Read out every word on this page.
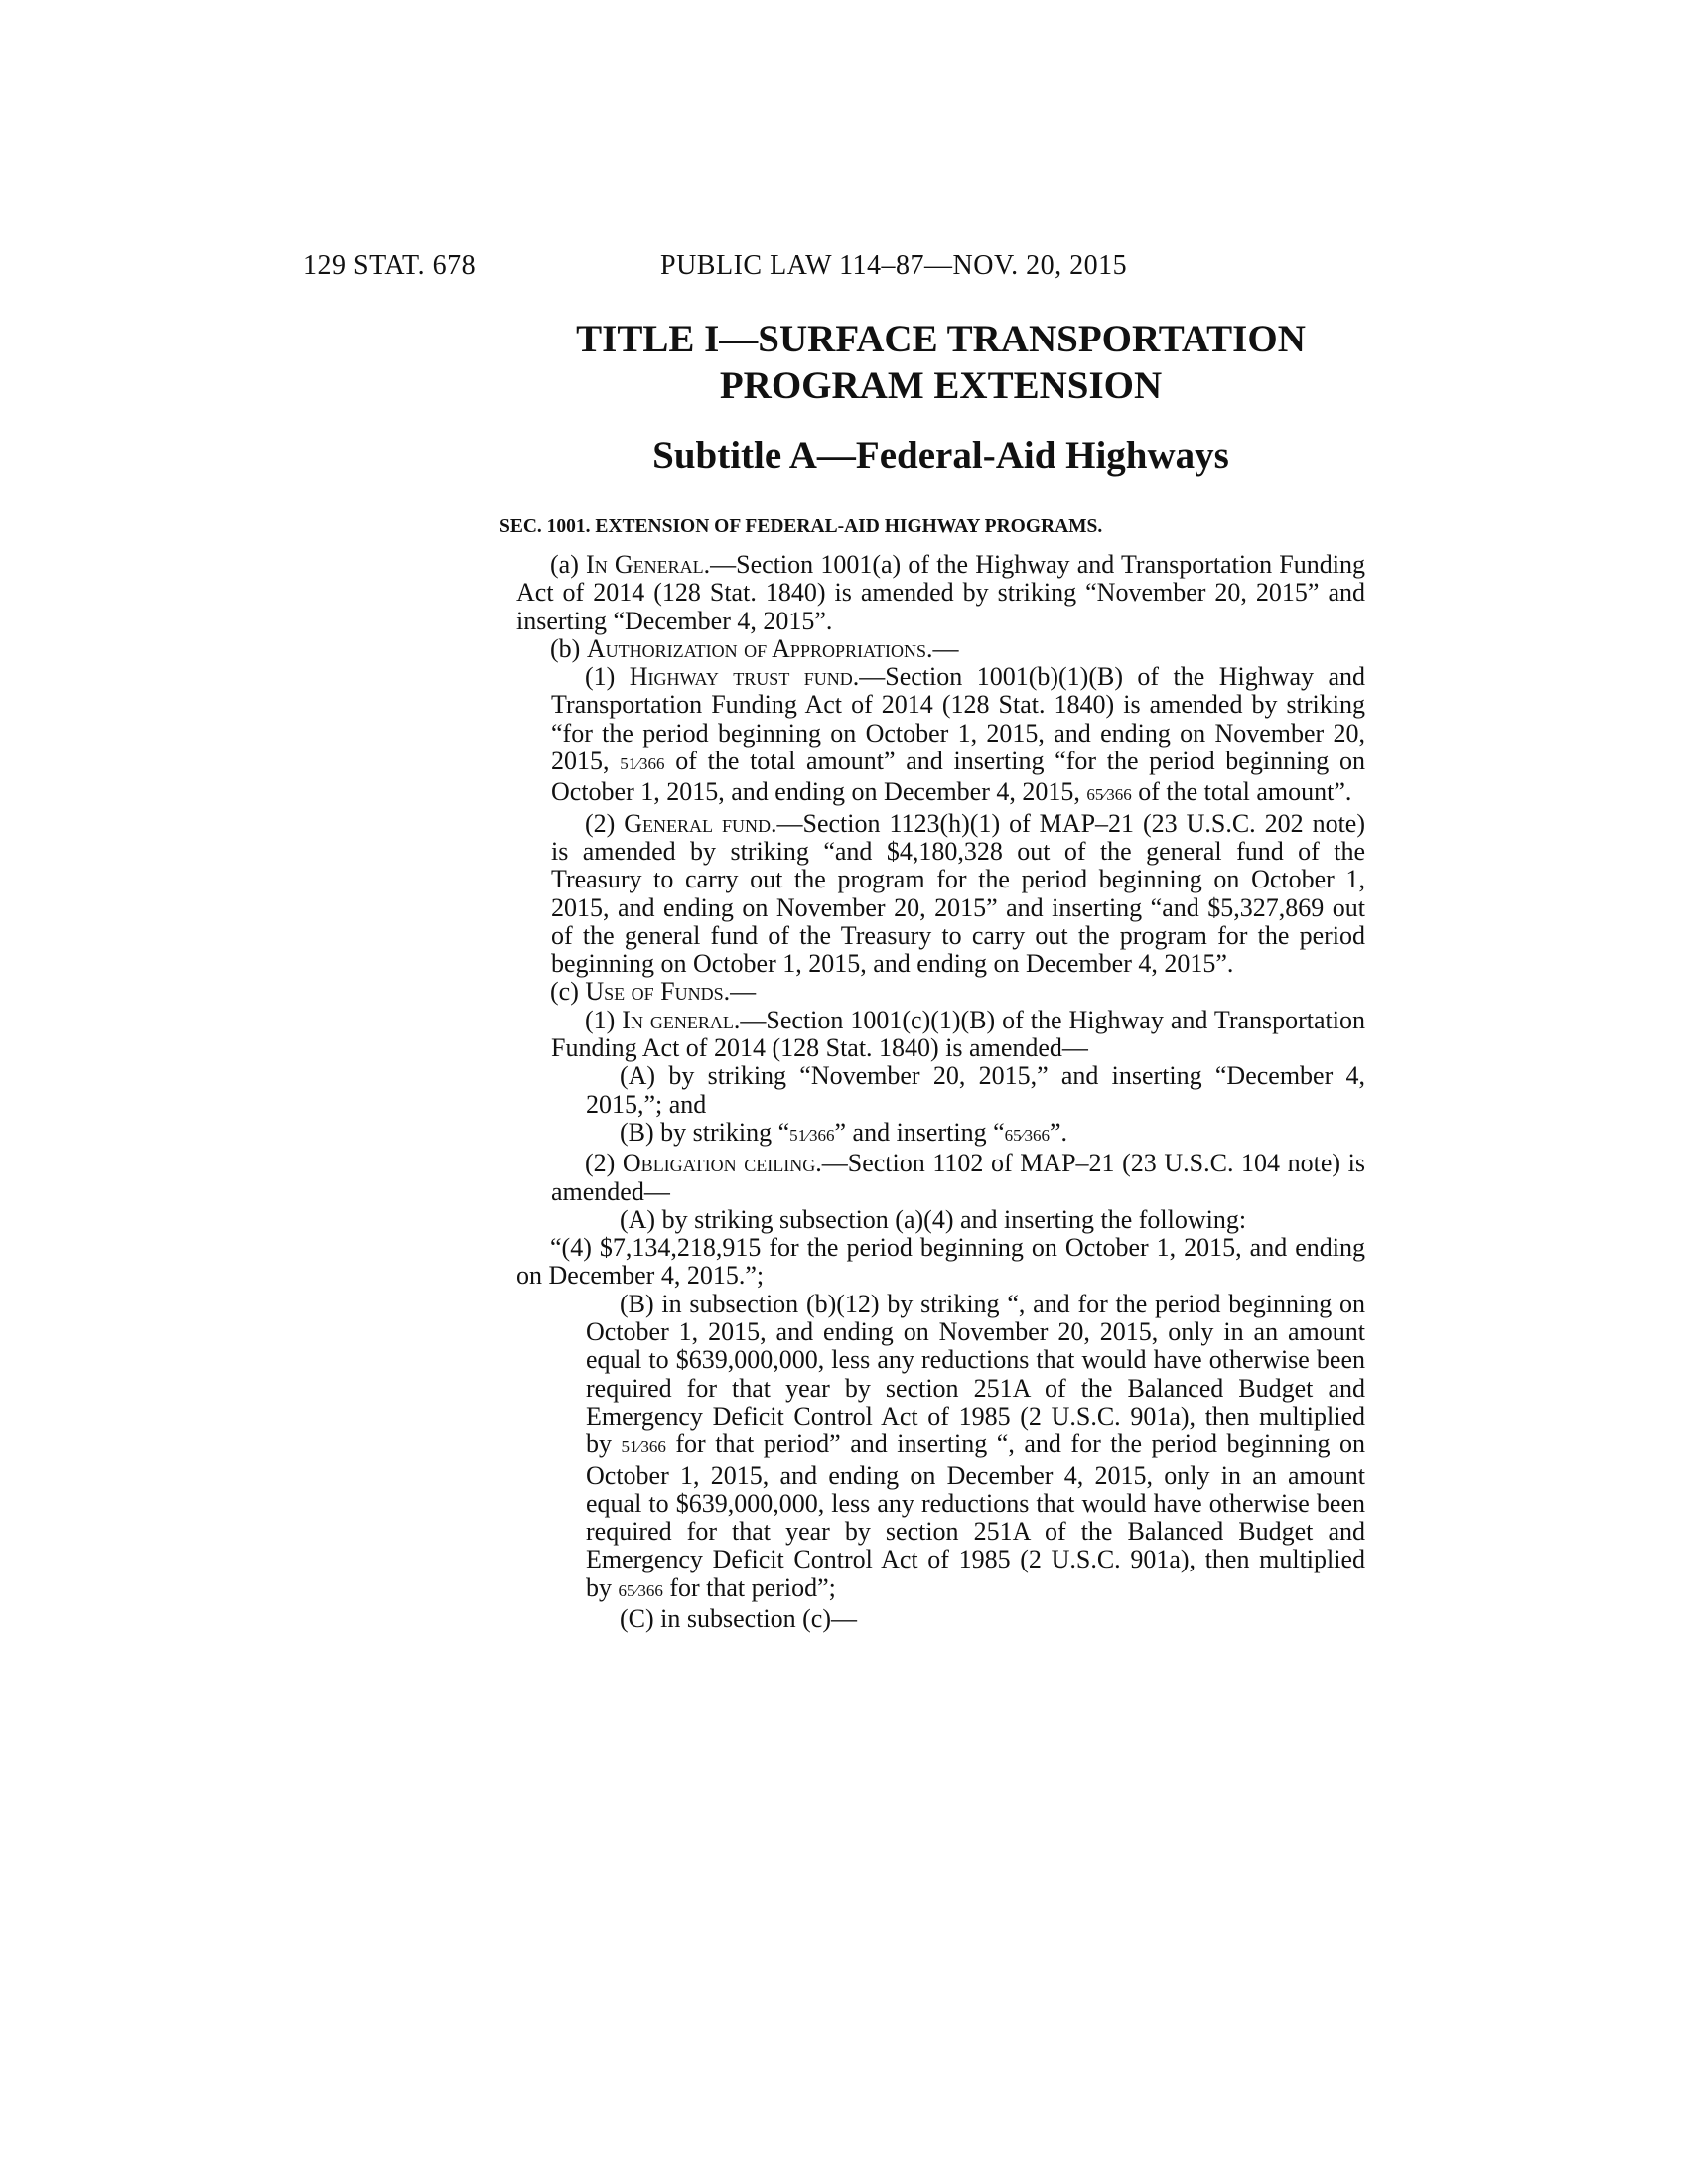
129 STAT. 678	PUBLIC LAW 114–87—NOV. 20, 2015
TITLE I—SURFACE TRANSPORTATION
PROGRAM EXTENSION
Subtitle A—Federal-Aid Highways
SEC. 1001. EXTENSION OF FEDERAL-AID HIGHWAY PROGRAMS.

(a) In General.—Section 1001(a) of the Highway and Transportation Funding Act of 2014 (128 Stat. 1840) is amended by striking “November 20, 2015” and inserting “December 4, 2015”.

(b) Authorization of Appropriations.—

(1) Highway trust fund.—Section 1001(b)(1)(B) of the Highway and Transportation Funding Act of 2014 (128 Stat. 1840) is amended by striking “for the period beginning on October 1, 2015, and ending on November 20, 2015, 51⁄366 of the total amount” and inserting “for the period beginning on October 1, 2015, and ending on December 4, 2015, 65⁄366 of the total amount”.

(2) General fund.—Section 1123(h)(1) of MAP–21 (23 U.S.C. 202 note) is amended by striking “and $4,180,328 out of the general fund of the Treasury to carry out the program for the period beginning on October 1, 2015, and ending on November 20, 2015” and inserting “and $5,327,869 out of the general fund of the Treasury to carry out the program for the period beginning on October 1, 2015, and ending on December 4, 2015”.

(c) Use of Funds.—

(1) In general.—Section 1001(c)(1)(B) of the Highway and Transportation Funding Act of 2014 (128 Stat. 1840) is amended—

(A) by striking “November 20, 2015,” and inserting “December 4, 2015,”; and

(B) by striking “51⁄366” and inserting “65⁄366”.

(2) Obligation ceiling.—Section 1102 of MAP–21 (23 U.S.C. 104 note) is amended—

(A) by striking subsection (a)(4) and inserting the following:

“(4) $7,134,218,915 for the period beginning on October 1, 2015, and ending on December 4, 2015.”;

(B) in subsection (b)(12) by striking “, and for the period beginning on October 1, 2015, and ending on November 20, 2015, only in an amount equal to $639,000,000, less any reductions that would have otherwise been required for that year by section 251A of the Balanced Budget and Emergency Deficit Control Act of 1985 (2 U.S.C. 901a), then multiplied by 51⁄366 for that period” and inserting “, and for the period beginning on October 1, 2015, and ending on December 4, 2015, only in an amount equal to $639,000,000, less any reductions that would have otherwise been required for that year by section 251A of the Balanced Budget and Emergency Deficit Control Act of 1985 (2 U.S.C. 901a), then multiplied by 65⁄366 for that period”;

(C) in subsection (c)—
